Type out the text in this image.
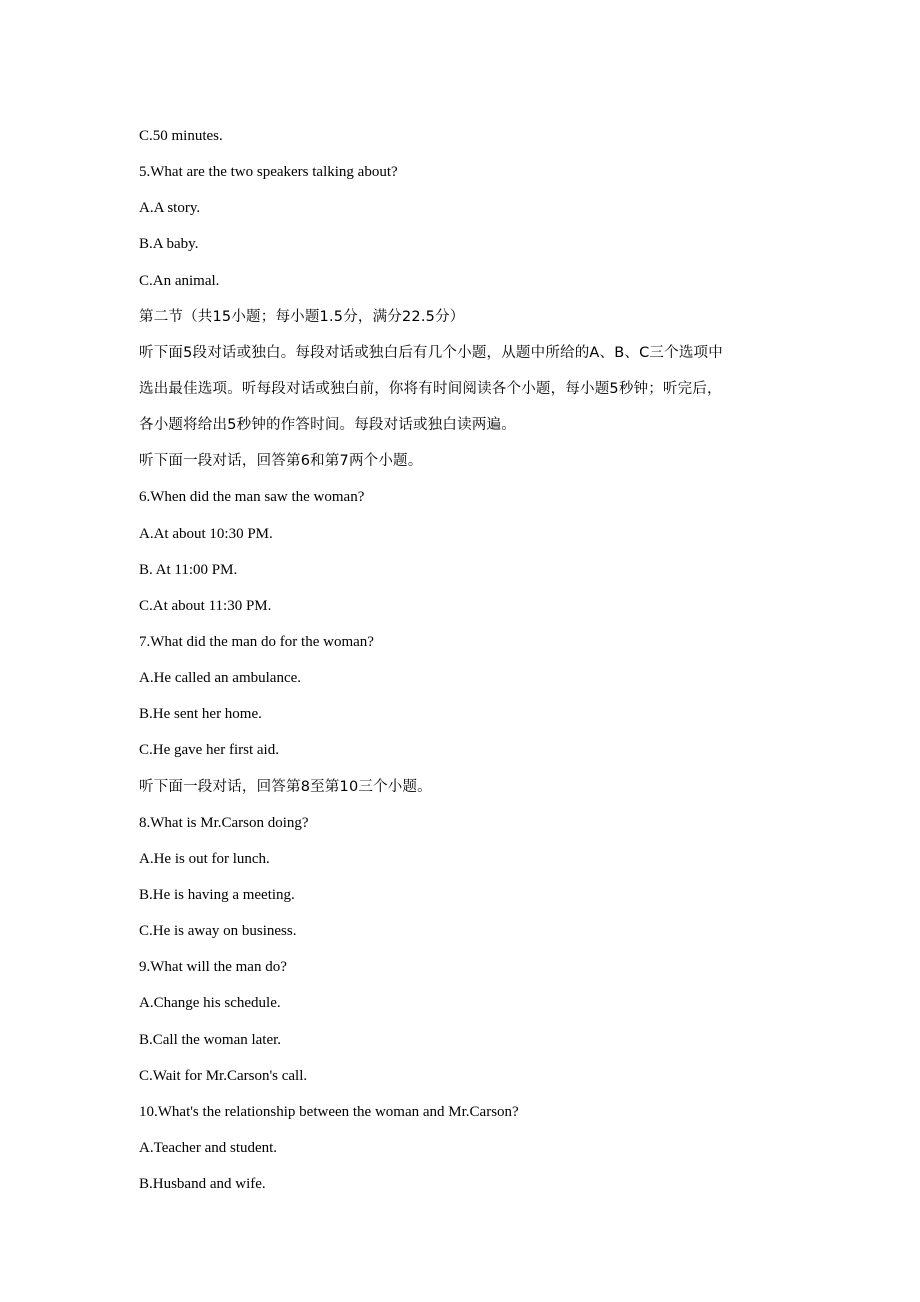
C.50 minutes.

5.What are the two speakers talking about?

A.A story.

B.A baby.

C.An animal.

第二节（共15小题；每小题1.5分，满分22.5分）

听下面5段对话或独白。每段对话或独白后有几个小题，从题中所给的A、B、C三个选项中

选出最佳选项。听每段对话或独白前，你将有时间阅读各个小题，每小题5秒钟；听完后，

各小题将给出5秒钟的作答时间。每段对话或独白读两遍。

听下面一段对话，回答第6和第7两个小题。

6.When did the man saw the woman?

A.At about 10:30 PM.

B. At 11:00 PM.

C.At about 11:30 PM.

7.What did the man do for the woman?

A.He called an ambulance.

B.He sent her home.

C.He gave her first aid.

听下面一段对话，回答第8至第10三个小题。

8.What is Mr.Carson doing?

A.He is out for lunch.

B.He is having a meeting.

C.He is away on business.

9.What will the man do?

A.Change his schedule.

B.Call the woman later.

C.Wait for Mr.Carson's call.

10.What's the relationship between the woman and Mr.Carson?

A.Teacher and student.

B.Husband and wife.
